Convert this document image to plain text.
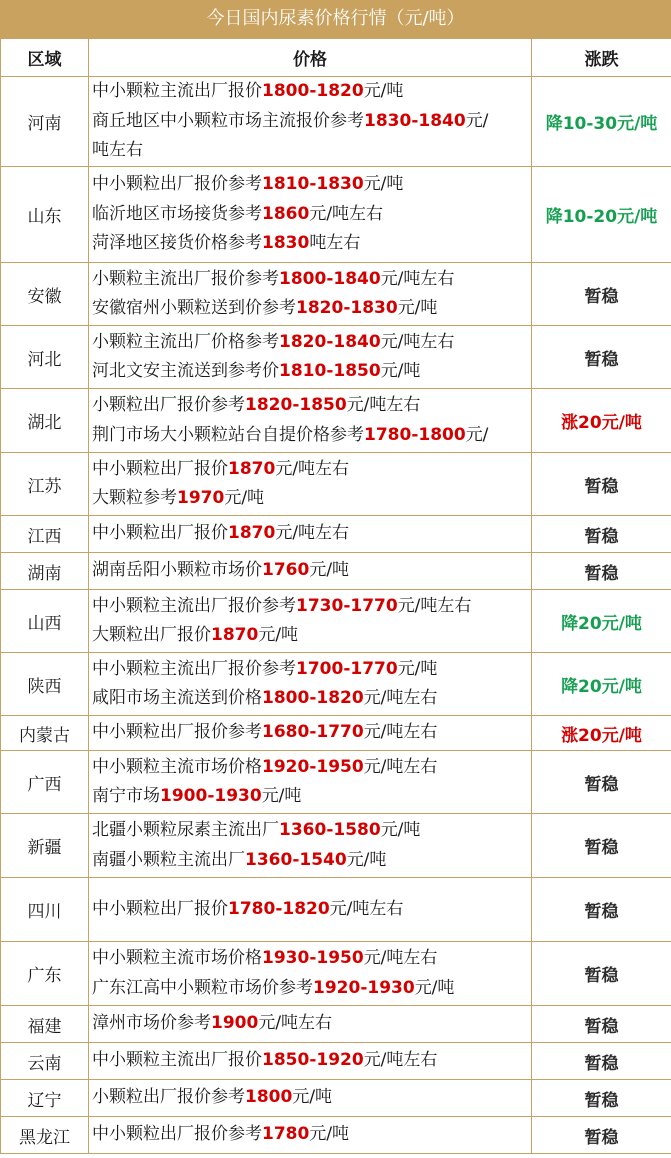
今日国内尿素价格行情（元/吨）
区域	价格	涨跌
河南	中小颗粒主流出厂报价1800-1820元/吨
商丘地区中小颗粒市场主流报价参考1830-1840元/
吨左右	降10-30元/吨
山东	中小颗粒出厂报价参考1810-1830元/吨
临沂地区市场接货参考1860元/吨左右
菏泽地区接货价格参考1830吨左右	降10-20元/吨
安徽	小颗粒主流出厂报价参考1800-1840元/吨左右
安徽宿州小颗粒送到价参考1820-1830元/吨	暂稳
河北	小颗粒主流出厂价格参考1820-1840元/吨左右
河北文安主流送到参考价1810-1850元/吨	暂稳
湖北	小颗粒出厂报价参考1820-1850元/吨左右
荆门市场大小颗粒站台自提价格参考1780-1800元/	涨20元/吨
江苏	中小颗粒出厂报价1870元/吨左右
大颗粒参考1970元/吨	暂稳
江西	中小颗粒出厂报价1870元/吨左右	暂稳
湖南	湖南岳阳小颗粒市场价1760元/吨	暂稳
山西	中小颗粒主流出厂报价参考1730-1770元/吨左右
大颗粒出厂报价1870元/吨	降20元/吨
陕西	中小颗粒主流出厂报价参考1700-1770元/吨
咸阳市场主流送到价格1800-1820元/吨左右	降20元/吨
内蒙古	中小颗粒出厂报价参考1680-1770元/吨左右	涨20元/吨
广西	中小颗粒主流市场价格1920-1950元/吨左右
南宁市场1900-1930元/吨	暂稳
新疆	北疆小颗粒尿素主流出厂1360-1580元/吨
南疆小颗粒主流出厂1360-1540元/吨	暂稳
四川	中小颗粒出厂报价1780-1820元/吨左右	暂稳
广东	中小颗粒主流市场价格1930-1950元/吨左右
广东江高中小颗粒市场价参考1920-1930元/吨	暂稳
福建	漳州市场价参考1900元/吨左右	暂稳
云南	中小颗粒主流出厂报价1850-1920元/吨左右	暂稳
辽宁	小颗粒出厂报价参考1800元/吨	暂稳
黑龙江	中小颗粒出厂报价参考1780元/吨	暂稳
